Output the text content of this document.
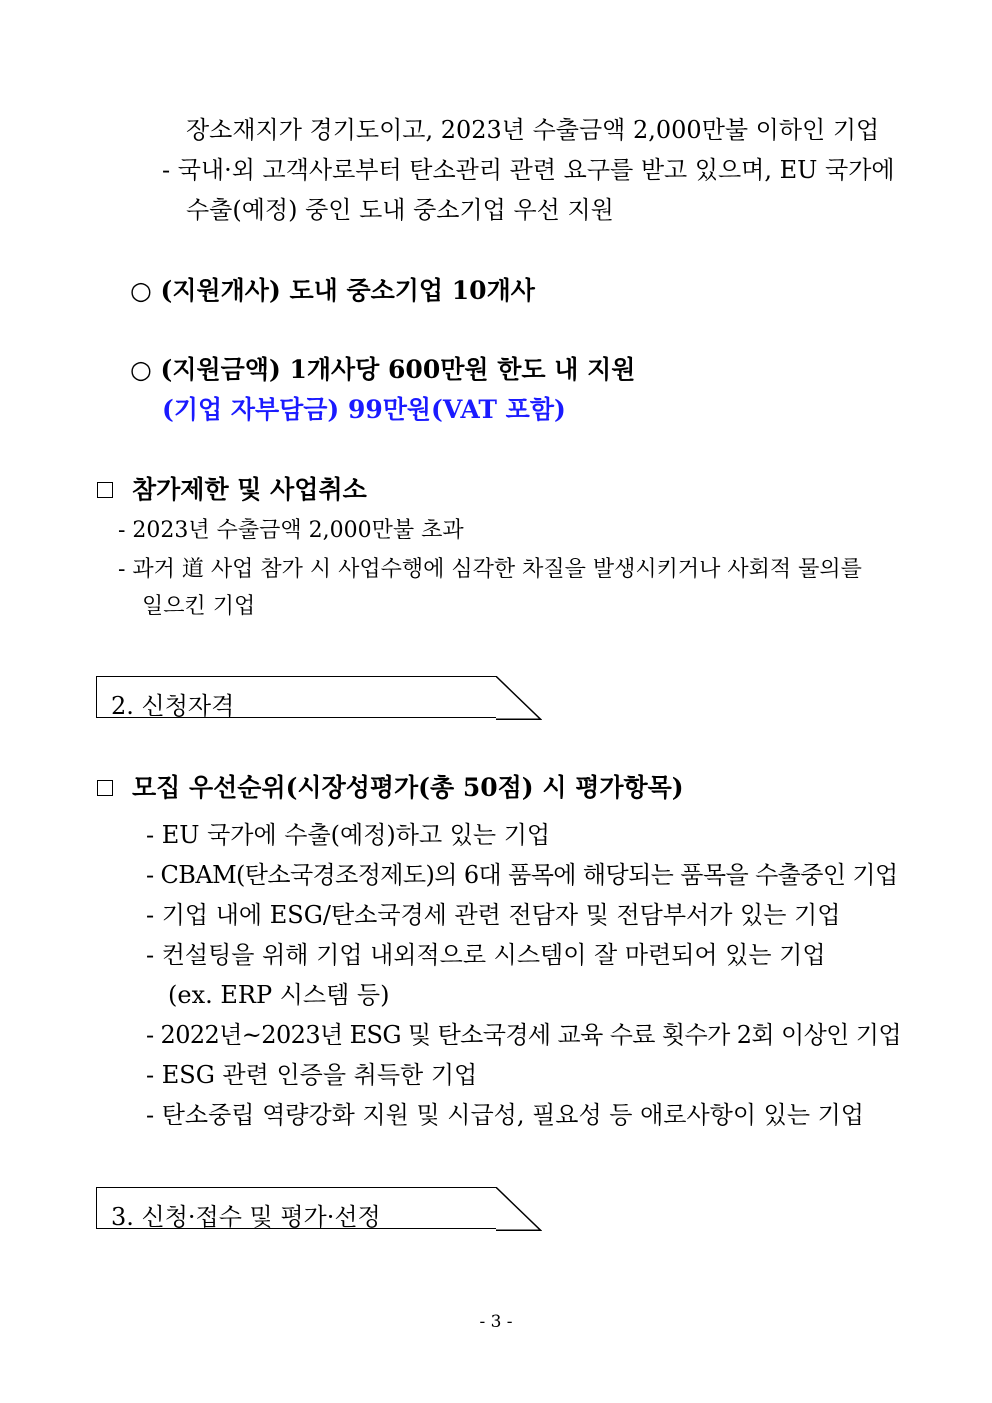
장소재지가 경기도이고, 2023년 수출금액 2,000만불 이하인 기업
- 국내·외 고객사로부터 탄소관리 관련 요구를 받고 있으며, EU 국가에
수출(예정) 중인 도내 중소기업 우선 지원
○ (지원개사) 도내 중소기업 10개사
○ (지원금액) 1개사당 600만원 한도 내 지원
(기업 자부담금) 99만원(VAT 포함)
참가제한 및 사업취소
- 2023년 수출금액 2,000만불 초과
- 과거 道 사업 참가 시 사업수행에 심각한 차질을 발생시키거나 사회적 물의를
일으킨 기업
2. 신청자격
모집 우선순위(시장성평가(총 50점) 시 평가항목)
- EU 국가에 수출(예정)하고 있는 기업
- CBAM(탄소국경조정제도)의 6대 품목에 해당되는 품목을 수출중인 기업
- 기업 내에 ESG/탄소국경세 관련 전담자 및 전담부서가 있는 기업
- 컨설팅을 위해 기업 내외적으로 시스템이 잘 마련되어 있는 기업
(ex. ERP 시스템 등)
- 2022년~2023년 ESG 및 탄소국경세 교육 수료 횟수가 2회 이상인 기업
- ESG 관련 인증을 취득한 기업
- 탄소중립 역량강화 지원 및 시급성, 필요성 등 애로사항이 있는 기업
3. 신청·접수 및 평가·선정
- 3 -
